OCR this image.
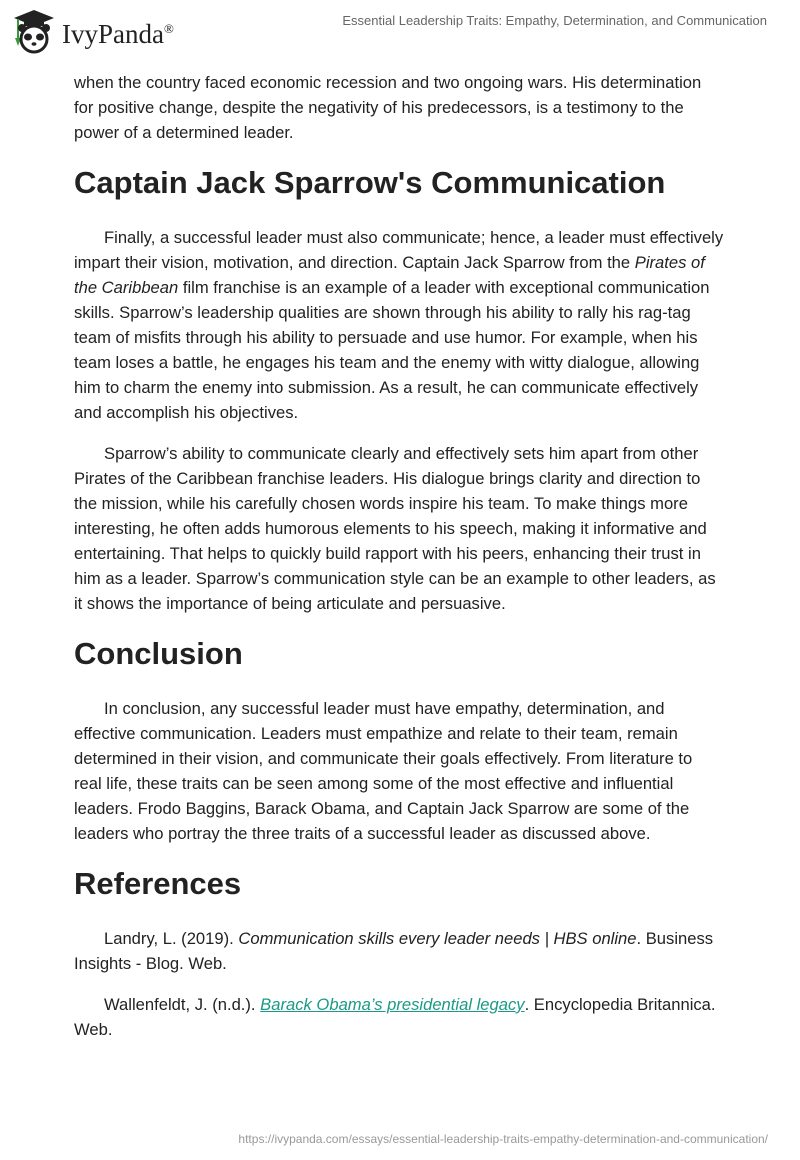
IvyPanda®	Essential Leadership Traits: Empathy, Determination, and Communication

when the country faced economic recession and two ongoing wars. His determination for positive change, despite the negativity of his predecessors, is a testimony to the power of a determined leader.

Captain Jack Sparrow's Communication

Finally, a successful leader must also communicate; hence, a leader must effectively impart their vision, motivation, and direction. Captain Jack Sparrow from the Pirates of the Caribbean film franchise is an example of a leader with exceptional communication skills. Sparrow’s leadership qualities are shown through his ability to rally his rag-tag team of misfits through his ability to persuade and use humor. For example, when his team loses a battle, he engages his team and the enemy with witty dialogue, allowing him to charm the enemy into submission. As a result, he can communicate effectively and accomplish his objectives.

Sparrow’s ability to communicate clearly and effectively sets him apart from other Pirates of the Caribbean franchise leaders. His dialogue brings clarity and direction to the mission, while his carefully chosen words inspire his team. To make things more interesting, he often adds humorous elements to his speech, making it informative and entertaining. That helps to quickly build rapport with his peers, enhancing their trust in him as a leader. Sparrow’s communication style can be an example to other leaders, as it shows the importance of being articulate and persuasive.

Conclusion

In conclusion, any successful leader must have empathy, determination, and effective communication. Leaders must empathize and relate to their team, remain determined in their vision, and communicate their goals effectively. From literature to real life, these traits can be seen among some of the most effective and influential leaders. Frodo Baggins, Barack Obama, and Captain Jack Sparrow are some of the leaders who portray the three traits of a successful leader as discussed above.

References

Landry, L. (2019). Communication skills every leader needs | HBS online. Business Insights - Blog. Web.

Wallenfeldt, J. (n.d.). Barack Obama’s presidential legacy. Encyclopedia Britannica. Web.

https://ivypanda.com/essays/essential-leadership-traits-empathy-determination-and-communication/
